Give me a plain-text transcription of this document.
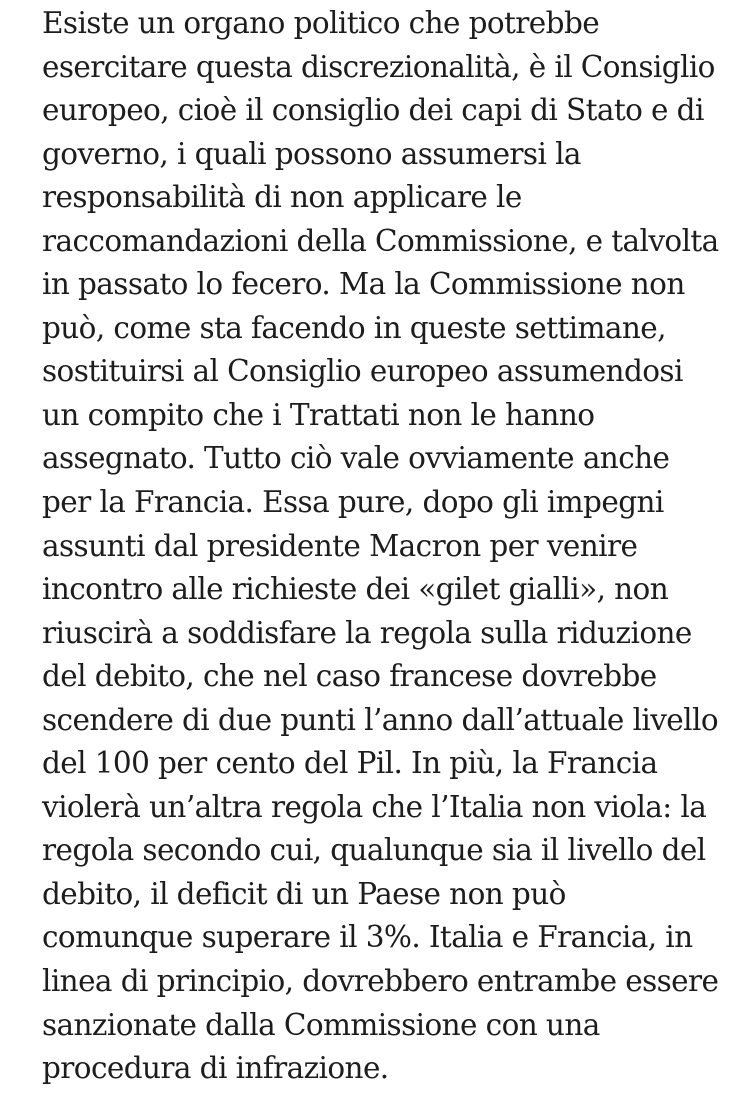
Esiste un organo politico che potrebbe
esercitare questa discrezionalità, è il Consiglio
europeo, cioè il consiglio dei capi di Stato e di
governo, i quali possono assumersi la
responsabilità di non applicare le
raccomandazioni della Commissione, e talvolta
in passato lo fecero. Ma la Commissione non
può, come sta facendo in queste settimane,
sostituirsi al Consiglio europeo assumendosi
un compito che i Trattati non le hanno
assegnato. Tutto ciò vale ovviamente anche
per la Francia. Essa pure, dopo gli impegni
assunti dal presidente Macron per venire
incontro alle richieste dei «gilet gialli», non
riuscirà a soddisfare la regola sulla riduzione
del debito, che nel caso francese dovrebbe
scendere di due punti l’anno dall’attuale livello
del 100 per cento del Pil. In più, la Francia
violerà un’altra regola che l’Italia non viola: la
regola secondo cui, qualunque sia il livello del
debito, il deficit di un Paese non può
comunque superare il 3%. Italia e Francia, in
linea di principio, dovrebbero entrambe essere
sanzionate dalla Commissione con una
procedura di infrazione.
